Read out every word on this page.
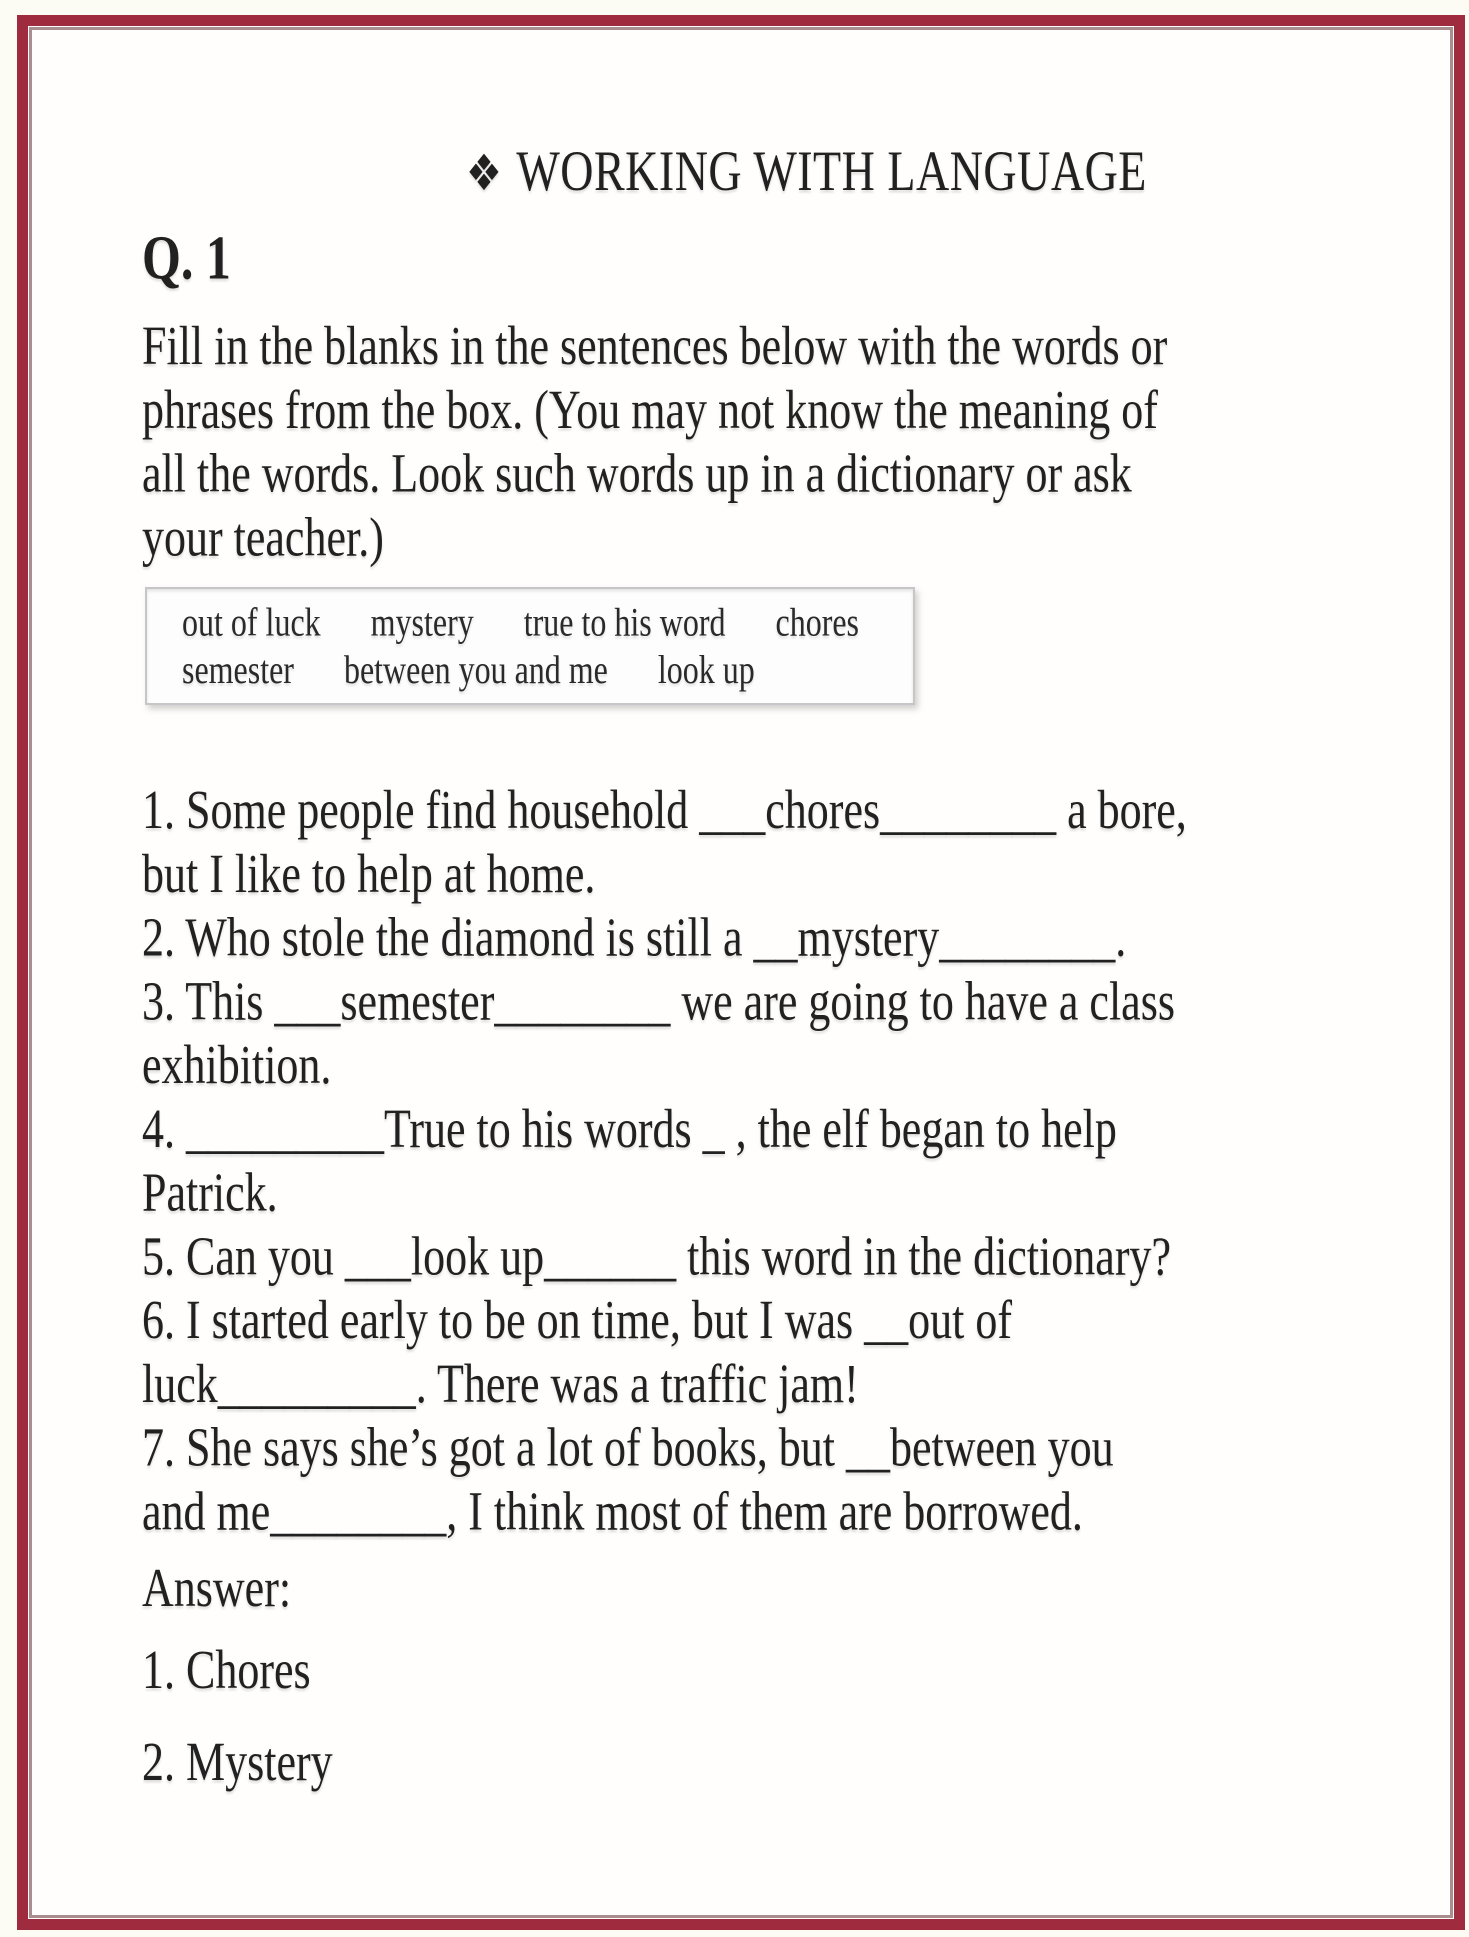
❖ WORKING WITH LANGUAGE
Q. 1
Fill in the blanks in the sentences below with the words or
phrases from the box. (You may not know the meaning of
all the words. Look such words up in a dictionary or ask
your teacher.)
out of luck mystery true to his word chores
semester between you and me look up
1. Some people find household ___chores________ a bore,
but I like to help at home.
2. Who stole the diamond is still a __mystery________.
3. This ___semester________ we are going to have a class
exhibition.
4. _________True to his words _ , the elf began to help
Patrick.
5. Can you ___look up______ this word in the dictionary?
6. I started early to be on time, but I was __out of
luck_________. There was a traffic jam!
7. She says she’s got a lot of books, but __between you
and me________, I think most of them are borrowed.
Answer:
1. Chores
2. Mystery
